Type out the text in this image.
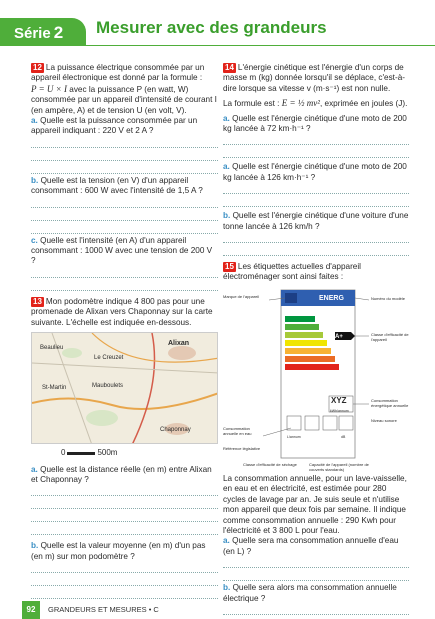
Série 2	Mesurer avec des grandeurs

12 La puissance électrique consommée par un appareil électronique est donné par la formule :

P = U × I avec la puissance P (en watt, W) consommée par un appareil d'intensité de courant I (en ampère, A) et de tension U (en volt, V).

a. Quelle est la puissance consommée par un appareil indiquant : 220 V et 2 A ?

b. Quelle est la tension (en V) d'un appareil consommant : 600 W avec l'intensité de 1,5 A ?

c. Quelle est l'intensité (en A) d'un appareil consommant : 1000 W avec une tension de 200 V ?

13 Mon podomètre indique 4 800 pas pour une promenade de Alixan vers Chaponnay sur la carte suivante. L'échelle est indiquée en-dessous.

Alixan
Chaponnay
Le Creuzet
Beaulieu
St-Martin	Mauboulets
0	500m

a. Quelle est la distance réelle (en m) entre Alixan et Chaponnay ?

b. Quelle est la valeur moyenne (en m) d'un pas (en m) sur mon podomètre ?

14 L'énergie cinétique est l'énergie d'un corps de masse m (kg) donnée lorsqu'il se déplace, c'est-à-dire lorsque sa vitesse v (m·s⁻¹) est non nulle.

La formule est : E = ½ mv², exprimée en joules (J).

a. Quelle est l'énergie cinétique d'une moto de 200 kg lancée à 72 km·h⁻¹ ?

a. Quelle est l'énergie cinétique d'une moto de 200 kg lancée à 126 km·h⁻¹ ?

b. Quelle est l'énergie cinétique d'une voiture d'une tonne lancée à 126 km/h ?

15 Les étiquettes actuelles d'appareil électroménager sont ainsi faites :

ENERG
A+
XYZ
kWh/annum
L/annum	dB
Marque de l'appareil	Numéro du modèle
Classe d'efficacité de l'appareil
Consommation énergétique annuelle
Niveau sonore
Consommation annuelle en eau
Référence législative
Classe d'efficacité de séchage	Capacité de l'appareil (nombre de couverts standards)

La consommation annuelle, pour un lave-vaisselle, en eau et en électricité, est estimée pour 280 cycles de lavage par an. Je suis seule et n'utilise mon appareil que deux fois par semaine. Il indique comme consommation annuelle : 290 Kwh pour l'électricité et 3 800 L pour l'eau.

a. Quelle sera ma consommation annuelle d'eau (en L) ?

b. Quelle sera alors ma consommation annuelle électrique ?

92	GRANDEURS ET MESURES • C
